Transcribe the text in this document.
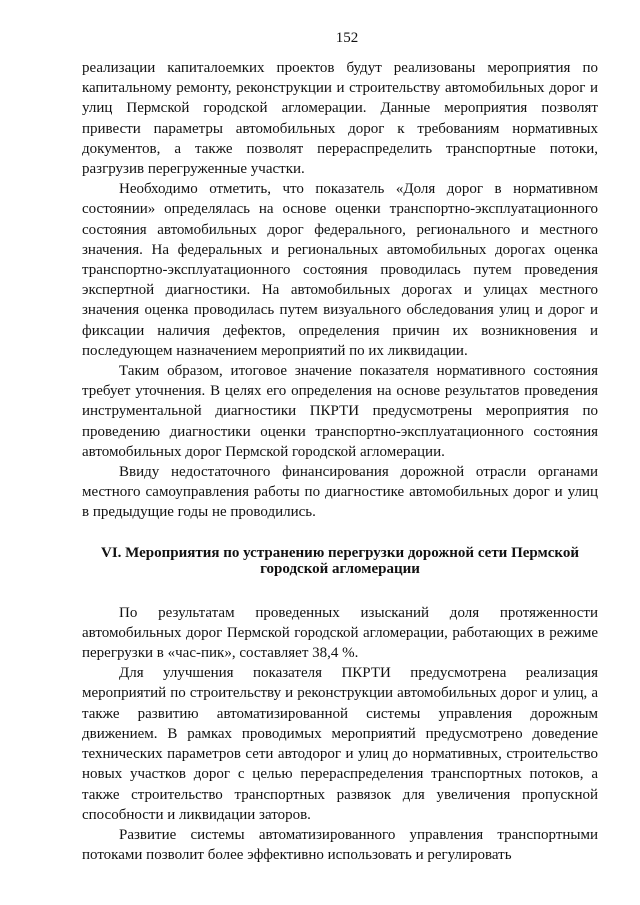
152

реализации капиталоемких проектов будут реализованы мероприятия по капитальному ремонту, реконструкции и строительству автомобильных дорог и улиц Пермской городской агломерации. Данные мероприятия позволят привести параметры автомобильных дорог к требованиям нормативных документов, а также позволят перераспределить транспортные потоки, разгрузив перегруженные участки.

Необходимо отметить, что показатель «Доля дорог в нормативном состоянии» определялась на основе оценки транспортно-эксплуатационного состояния автомобильных дорог федерального, регионального и местного значения. На федеральных и региональных автомобильных дорогах оценка транспортно-эксплуатационного состояния проводилась путем проведения экспертной диагностики. На автомобильных дорогах и улицах местного значения оценка проводилась путем визуального обследования улиц и дорог и фиксации наличия дефектов, определения причин их возникновения и последующем назначением мероприятий по их ликвидации.

Таким образом, итоговое значение показателя нормативного состояния требует уточнения. В целях его определения на основе результатов проведения инструментальной диагностики ПКРТИ предусмотрены мероприятия по проведению диагностики оценки транспортно-эксплуатационного состояния автомобильных дорог Пермской городской агломерации.

Ввиду недостаточного финансирования дорожной отрасли органами местного самоуправления работы по диагностике автомобильных дорог и улиц в предыдущие годы не проводились.

VI. Мероприятия по устранению перегрузки дорожной сети Пермской городской агломерации

По результатам проведенных изысканий доля протяженности автомобильных дорог Пермской городской агломерации, работающих в режиме перегрузки в «час-пик», составляет 38,4 %.

Для улучшения показателя ПКРТИ предусмотрена реализация мероприятий по строительству и реконструкции автомобильных дорог и улиц, а также развитию автоматизированной системы управления дорожным движением. В рамках проводимых мероприятий предусмотрено доведение технических параметров сети автодорог и улиц до нормативных, строительство новых участков дорог с целью перераспределения транспортных потоков, а также строительство транспортных развязок для увеличения пропускной способности и ликвидации заторов.

Развитие системы автоматизированного управления транспортными потоками позволит более эффективно использовать и регулировать
